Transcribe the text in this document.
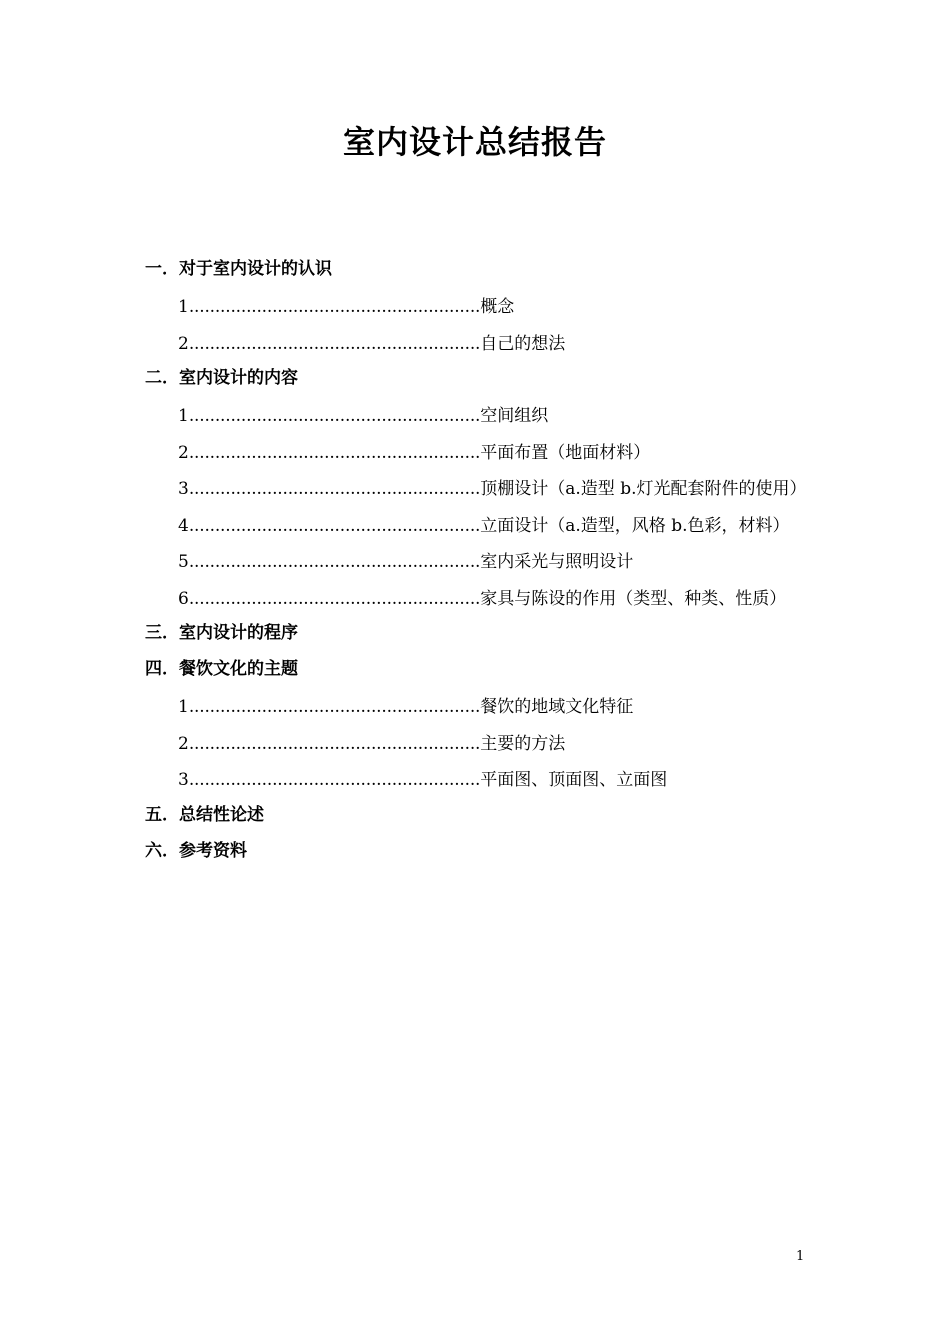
室内设计总结报告
一．对于室内设计的认识
1........................................................概念
2........................................................自己的想法
二．室内设计的内容
1........................................................空间组织
2........................................................平面布置（地面材料）
3........................................................顶棚设计（a.造型 b.灯光配套附件的使用）
4........................................................立面设计（a.造型，风格 b.色彩，材料）
5........................................................室内采光与照明设计
6........................................................家具与陈设的作用（类型、种类、性质）
三．室内设计的程序
四．餐饮文化的主题
1........................................................餐饮的地域文化特征
2........................................................主要的方法
3........................................................平面图、顶面图、立面图
五．总结性论述
六．参考资料
1
